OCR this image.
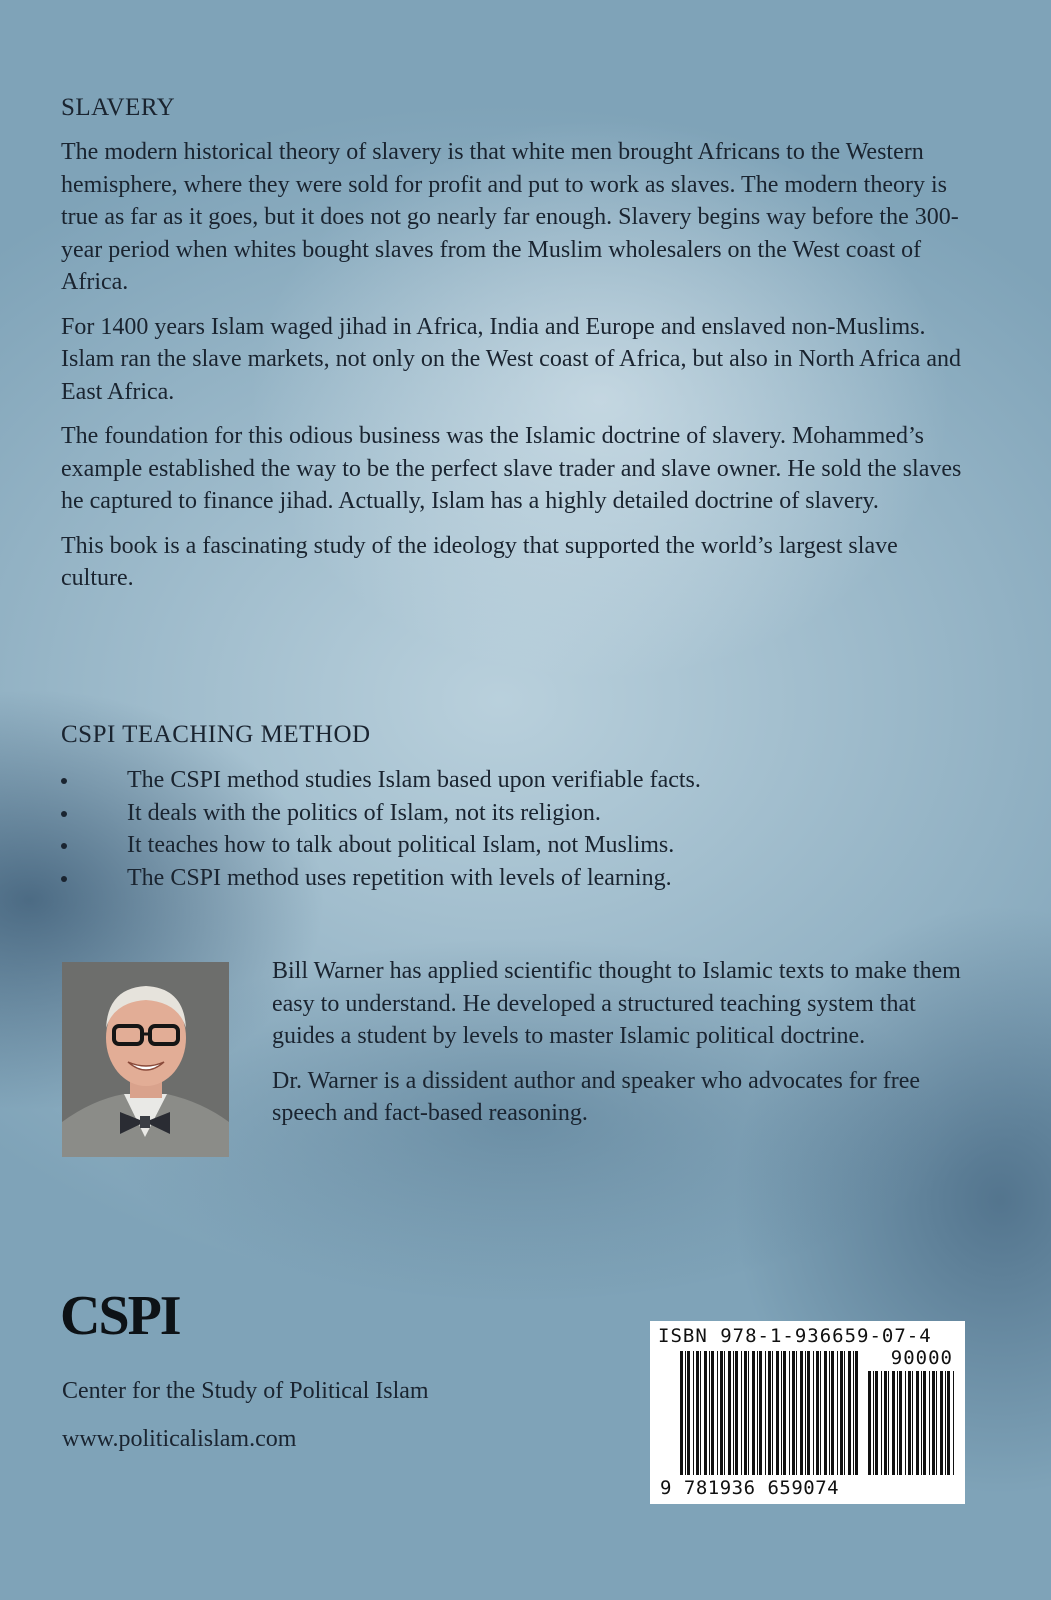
SLAVERY

The modern historical theory of slavery is that white men brought Africans to the Western hemisphere, where they were sold for profit and put to work as slaves. The modern theory is true as far as it goes, but it does not go nearly far enough. Slavery begins way before the 300-year period when whites bought slaves from the Muslim wholesalers on the West coast of Africa.

For 1400 years Islam waged jihad in Africa, India and Europe and enslaved non-Muslims. Islam ran the slave markets, not only on the West coast of Africa, but also in North Africa and East Africa.

The foundation for this odious business was the Islamic doctrine of slavery. Mohammed’s example established the way to be the perfect slave trader and slave owner. He sold the slaves he captured to finance jihad. Actually, Islam has a highly detailed doctrine of slavery.

This book is a fascinating study of the ideology that supported the world’s largest slave culture.

CSPI TEACHING METHOD
The CSPI method studies Islam based upon verifiable facts.
It deals with the politics of Islam, not its religion.
It teaches how to talk about political Islam, not Muslims.
The CSPI method uses repetition with levels of learning.

Bill Warner has applied scientific thought to Islamic texts to make them easy to understand. He developed a structured teaching system that guides a student by levels to master Islamic political doctrine.

Dr. Warner is a dissident author and speaker who advocates for free speech and fact-based reasoning.

CSPI
Center for the Study of Political Islam
www.politicalislam.com
ISBN 978-1-936659-07-4
90000
9 781936 659074
